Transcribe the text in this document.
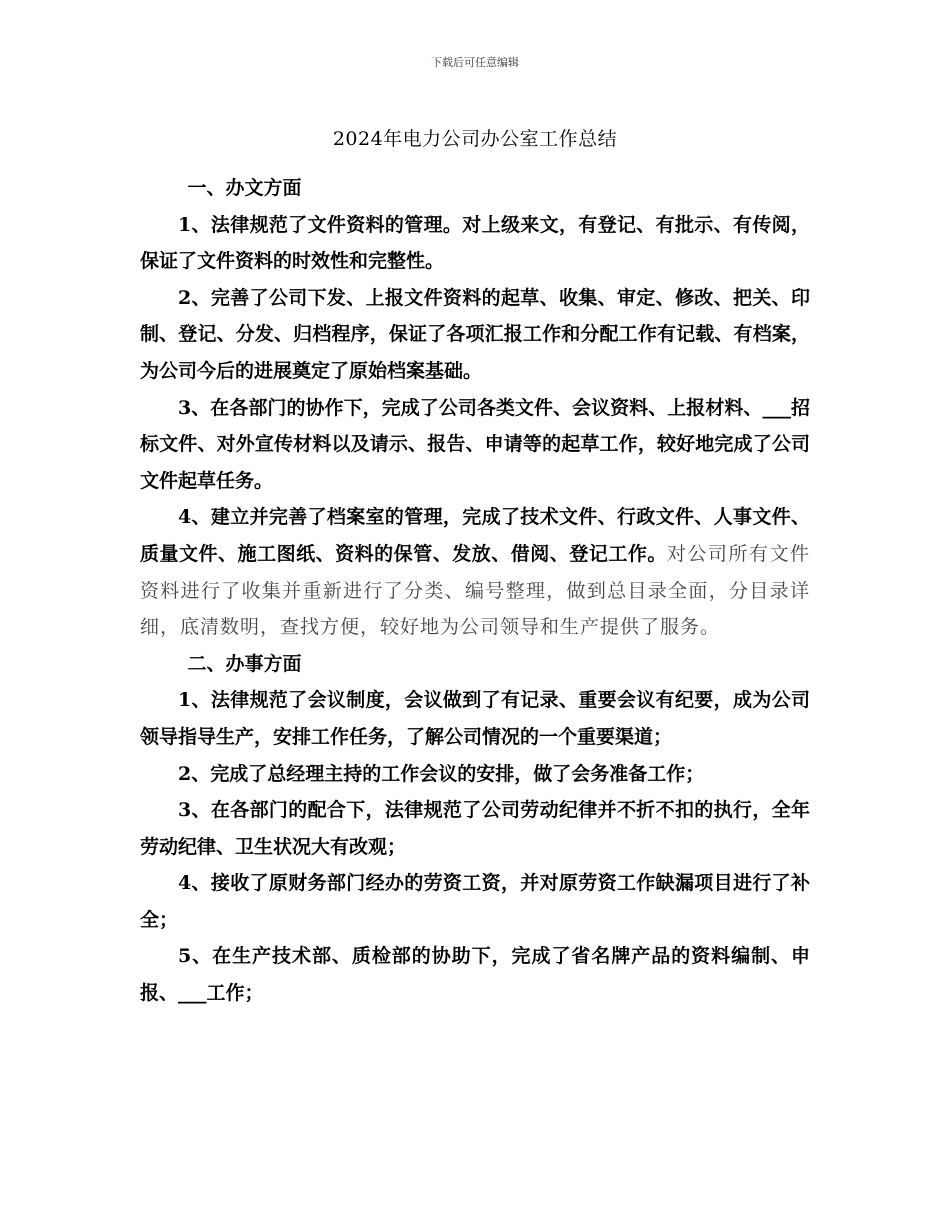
下载后可任意编辑
2024年电力公司办公室工作总结

一、办文方面

1、法律规范了文件资料的管理。对上级来文，有登记、有批示、有传阅，保证了文件资料的时效性和完整性。

2、完善了公司下发、上报文件资料的起草、收集、审定、修改、把关、印制、登记、分发、归档程序，保证了各项汇报工作和分配工作有记载、有档案，为公司今后的进展奠定了原始档案基础。

3、在各部门的协作下，完成了公司各类文件、会议资料、上报材料、___招标文件、对外宣传材料以及请示、报告、申请等的起草工作，较好地完成了公司文件起草任务。

4、建立并完善了档案室的管理，完成了技术文件、行政文件、人事文件、质量文件、施工图纸、资料的保管、发放、借阅、登记工作。对公司所有文件资料进行了收集并重新进行了分类、编号整理，做到总目录全面，分目录详细，底清数明，查找方便，较好地为公司领导和生产提供了服务。

二、办事方面

1、法律规范了会议制度，会议做到了有记录、重要会议有纪要，成为公司领导指导生产，安排工作任务，了解公司情况的一个重要渠道；

2、完成了总经理主持的工作会议的安排，做了会务准备工作；

3、在各部门的配合下，法律规范了公司劳动纪律并不折不扣的执行，全年劳动纪律、卫生状况大有改观；

4、接收了原财务部门经办的劳资工资，并对原劳资工作缺漏项目进行了补全；

5、在生产技术部、质检部的协助下，完成了省名牌产品的资料编制、申报、___工作；
